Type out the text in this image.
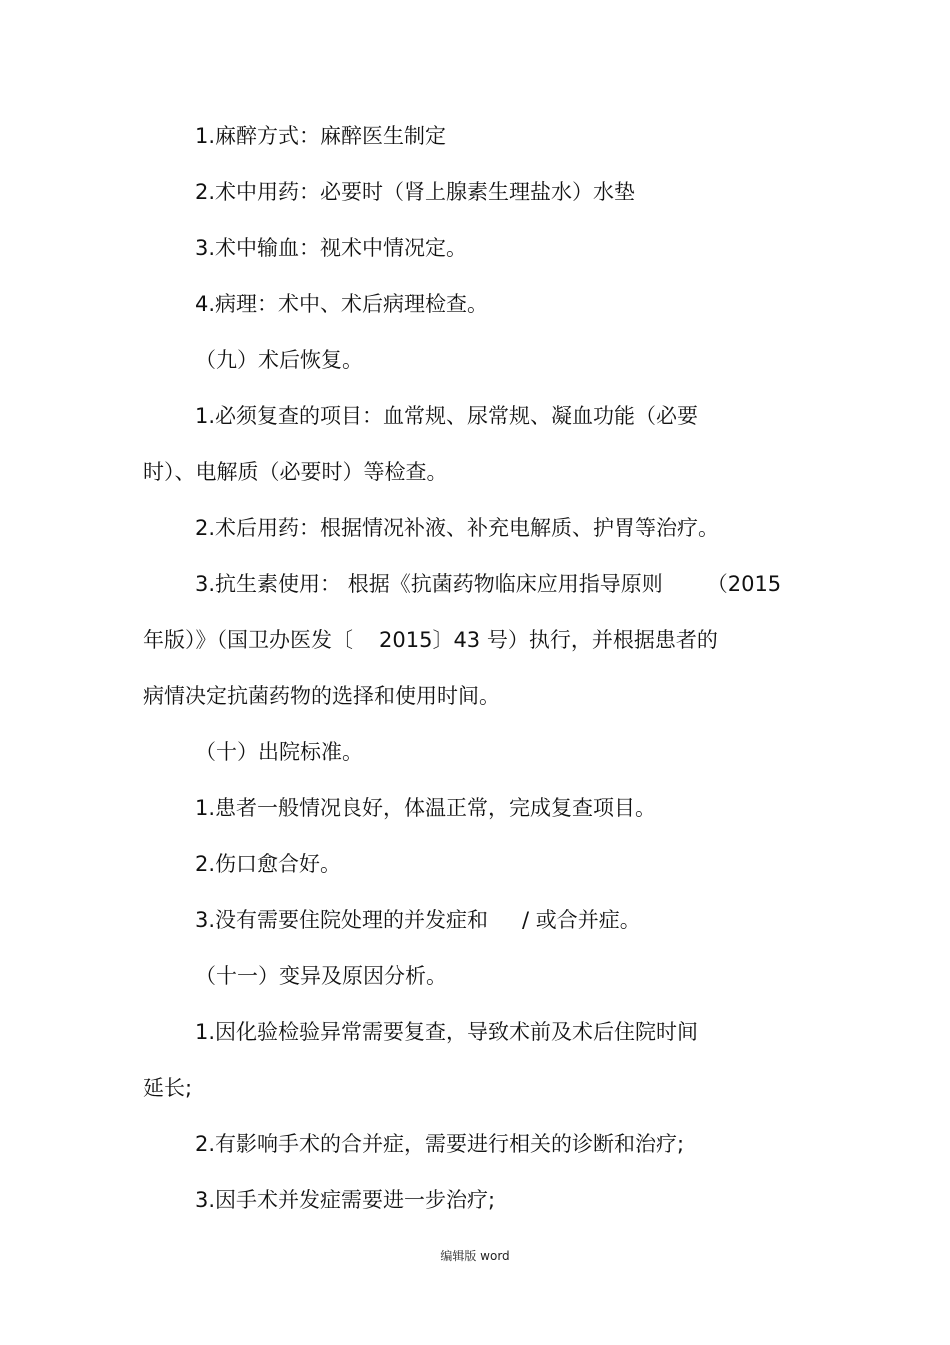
1.麻醉方式：麻醉医生制定

2.术中用药：必要时（肾上腺素生理盐水）水垫

3.术中输血：视术中情况定。

4.病理：术中、术后病理检查。

（九）术后恢复。

1.必须复查的项目：血常规、尿常规、凝血功能（必要

时）、电解质（必要时）等检查。

2.术后用药：根据情况补液、补充电解质、护胃等治疗。

3.抗生素使用： 根据《抗菌药物临床应用指导原则 （2015

年版）》（国卫办医发〔 2015〕43 号）执行，并根据患者的

病情决定抗菌药物的选择和使用时间。

（十）出院标准。

1.患者一般情况良好，体温正常，完成复查项目。

2.伤口愈合好。

3.没有需要住院处理的并发症和 / 或合并症。

（十一）变异及原因分析。

1.因化验检验异常需要复查，导致术前及术后住院时间

延长;

2.有影响手术的合并症，需要进行相关的诊断和治疗;

3.因手术并发症需要进一步治疗;

编辑版 word
